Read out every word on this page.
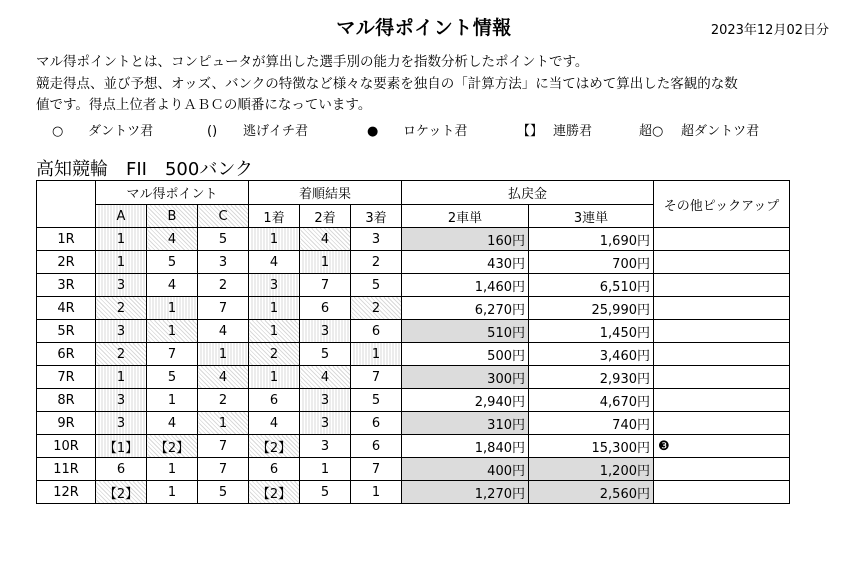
マル得ポイント情報	2023年12月02日分

マル得ポイントとは、コンピュータが算出した選手別の能力を指数分析したポイントです。

競走得点、並び予想、オッズ、バンクの特徴など様々な要素を独自の「計算方法」に当てはめて算出した客観的な数

値です。得点上位者よりＡＢＣの順番になっています。

○ ダントツ君	() 逃げイチ君	● ロケット君	【】 連勝君	超○ 超ダントツ君
高知競輪　FII　500バンク
	マル得ポイント			着順結果			払戻金		その他ピックアップ
	A	B	C	1着	2着	3着	2車単	3連単	
1R	1	4	5	1	4	3	160円	1,690円	
2R	1	5	3	4	1	2	430円	700円	
3R	3	4	2	3	7	5	1,460円	6,510円	
4R	2	1	7	1	6	2	6,270円	25,990円	
5R	3	1	4	1	3	6	510円	1,450円	
6R	2	7	1	2	5	1	500円	3,460円	
7R	1	5	4	1	4	7	300円	2,930円	
8R	3	1	2	6	3	5	2,940円	4,670円	
9R	3	4	1	4	3	6	310円	740円	
10R	【1】	【2】	7	【2】	3	6	1,840円	15,300円	❸
11R	6	1	7	6	1	7	400円	1,200円	
12R	【2】	1	5	【2】	5	1	1,270円	2,560円	
